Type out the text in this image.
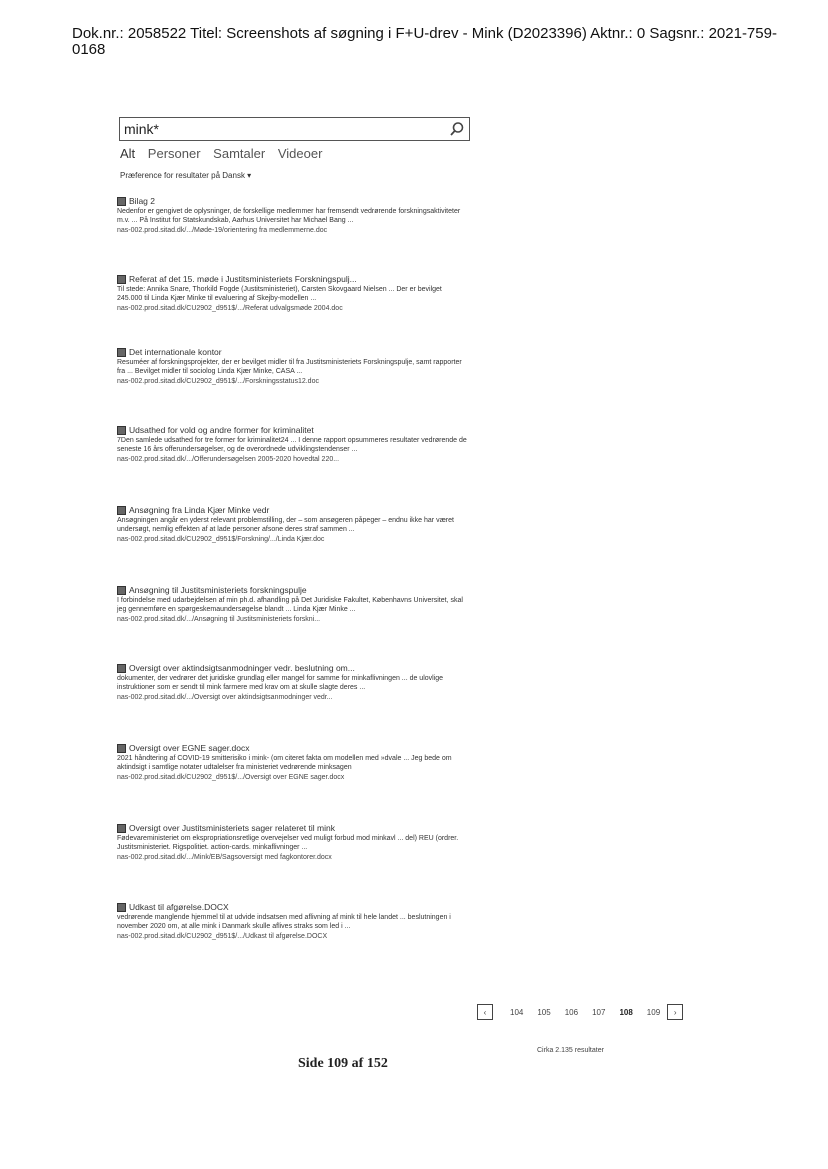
Dok.nr.: 2058522 Titel: Screenshots af søgning i F+U-drev - Mink (D2023396) Aktnr.: 0 Sagsnr.: 2021-759-0168
mink*
Alt Personer Samtaler Videoer
Præference for resultater på Dansk ▾
Bilag 2
Nedenfor er gengivet de oplysninger, de forskellige medlemmer har fremsendt vedrørende forskningsaktiviteter m.v. ... På Institut for Statskundskab, Aarhus Universitet har Michael Bang ...
nas-002.prod.sitad.dk/.../Møde-19/orientering fra medlemmerne.doc
Referat af det 15. møde i Justitsministeriets Forskningspulj...
Til stede: Annika Snare, Thorkild Fogde (Justitsministeriet), Carsten Skovgaard Nielsen ... Der er bevilget 245.000 til Linda Kjær Minke til evaluering af Skejby-modellen ...
nas-002.prod.sitad.dk/CU2902_d951$/.../Referat udvalgsmøde 2004.doc
Det internationale kontor
Resuméer af forskningsprojekter, der er bevilget midler til fra Justitsministeriets Forskningspulje, samt rapporter fra ... Bevilget midler til sociolog Linda Kjær Minke, CASA ...
nas-002.prod.sitad.dk/CU2902_d951$/.../Forskningsstatus12.doc
Udsathed for vold og andre former for kriminalitet
7Den samlede udsathed for tre former for kriminalitet24 ... I denne rapport opsummeres resultater vedrørende de seneste 16 års offerundersøgelser, og de overordnede udviklingstendenser ...
nas-002.prod.sitad.dk/.../Offerundersøgelsen 2005-2020 hovedtal 220...
Ansøgning fra Linda Kjær Minke vedr
Ansøgningen angår en yderst relevant problemstilling, der – som ansøgeren påpeger – endnu ikke har været undersøgt, nemlig effekten af at lade personer afsone deres straf sammen ...
nas-002.prod.sitad.dk/CU2902_d951$/Forskning/.../Linda Kjær.doc
Ansøgning til Justitsministeriets forskningspulje
I forbindelse med udarbejdelsen af min ph.d. afhandling på Det Juridiske Fakultet, Københavns Universitet, skal jeg gennemføre en spørgeskemaundersøgelse blandt ... Linda Kjær Minke ...
nas-002.prod.sitad.dk/.../Ansøgning til Justitsministeriets forskni...
Oversigt over aktindsigtsanmodninger vedr. beslutning om...
dokumenter, der vedrører det juridiske grundlag eller mangel for samme for minkaflivningen ... de ulovlige instruktioner som er sendt til mink farmere med krav om at skulle slagte deres ...
nas-002.prod.sitad.dk/.../Oversigt over aktindsigtsanmodninger vedr...
Oversigt over EGNE sager.docx
2021 håndtering af COVID-19 smitterisiko i mink- (om citeret fakta om modellen med »dvale ... Jeg bede om aktindsigt i samtlige notater udtalelser fra ministeriet vedrørende minksagen
nas-002.prod.sitad.dk/CU2902_d951$/.../Oversigt over EGNE sager.docx
Oversigt over Justitsministeriets sager relateret til mink
Fødevareministeriet om ekspropriationsretlige overvejelser ved muligt forbud mod minkavl ... del) REU (ordrer. Justitsministeriet. Rigspolitiet. action-cards. minkaflivninger ...
nas-002.prod.sitad.dk/.../Mink/EB/Sagsoversigt med fagkontorer.docx
Udkast til afgørelse.DOCX
vedrørende manglende hjemmel til at udvide indsatsen med aflivning af mink til hele landet ... beslutningen i november 2020 om, at alle mink i Danmark skulle aflives straks som led i ...
nas-002.prod.sitad.dk/CU2902_d951$/.../Udkast til afgørelse.DOCX
‹	104 105 106 107 108 109	›
Cirka 2.135 resultater
Side 109 af 152
